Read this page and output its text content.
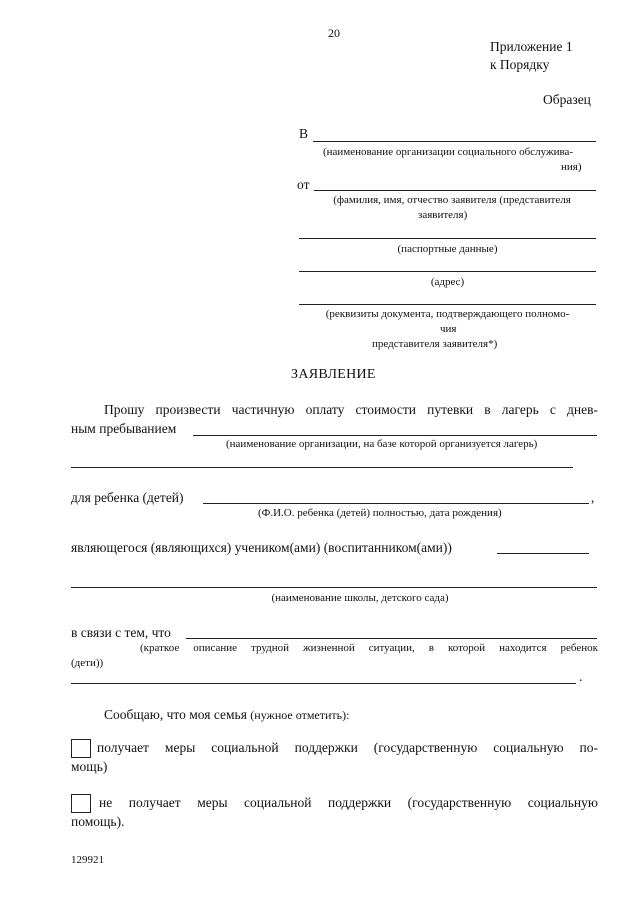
20
Приложение 1
к Порядку
Образец
В
(наименование организации социального обслужива-
ния)
от
(фамилия, имя, отчество заявителя (представителя
заявителя)
(паспортные данные)
(адрес)
(реквизиты документа, подтверждающего полномо-
чия
представителя заявителя*)
ЗАЯВЛЕНИЕ
Прошу произвести частичную оплату стоимости путевки в лагерь с днев-
ным пребыванием
(наименование организации, на базе которой организуется лагерь)
для ребенка (детей)	,
(Ф.И.О. ребенка (детей) полностью, дата рождения)
являющегося (являющихся) учеником(ами) (воспитанником(ами))
(наименование школы, детского сада)
в связи с тем, что
(краткое описание трудной жизненной ситуации, в которой находится ребенок
(дети))
.
Сообщаю, что моя семья (нужное отметить):
получает меры социальной поддержки (государственную социальную по-
мощь)
не получает меры социальной поддержки (государственную социальную
помощь).
129921
